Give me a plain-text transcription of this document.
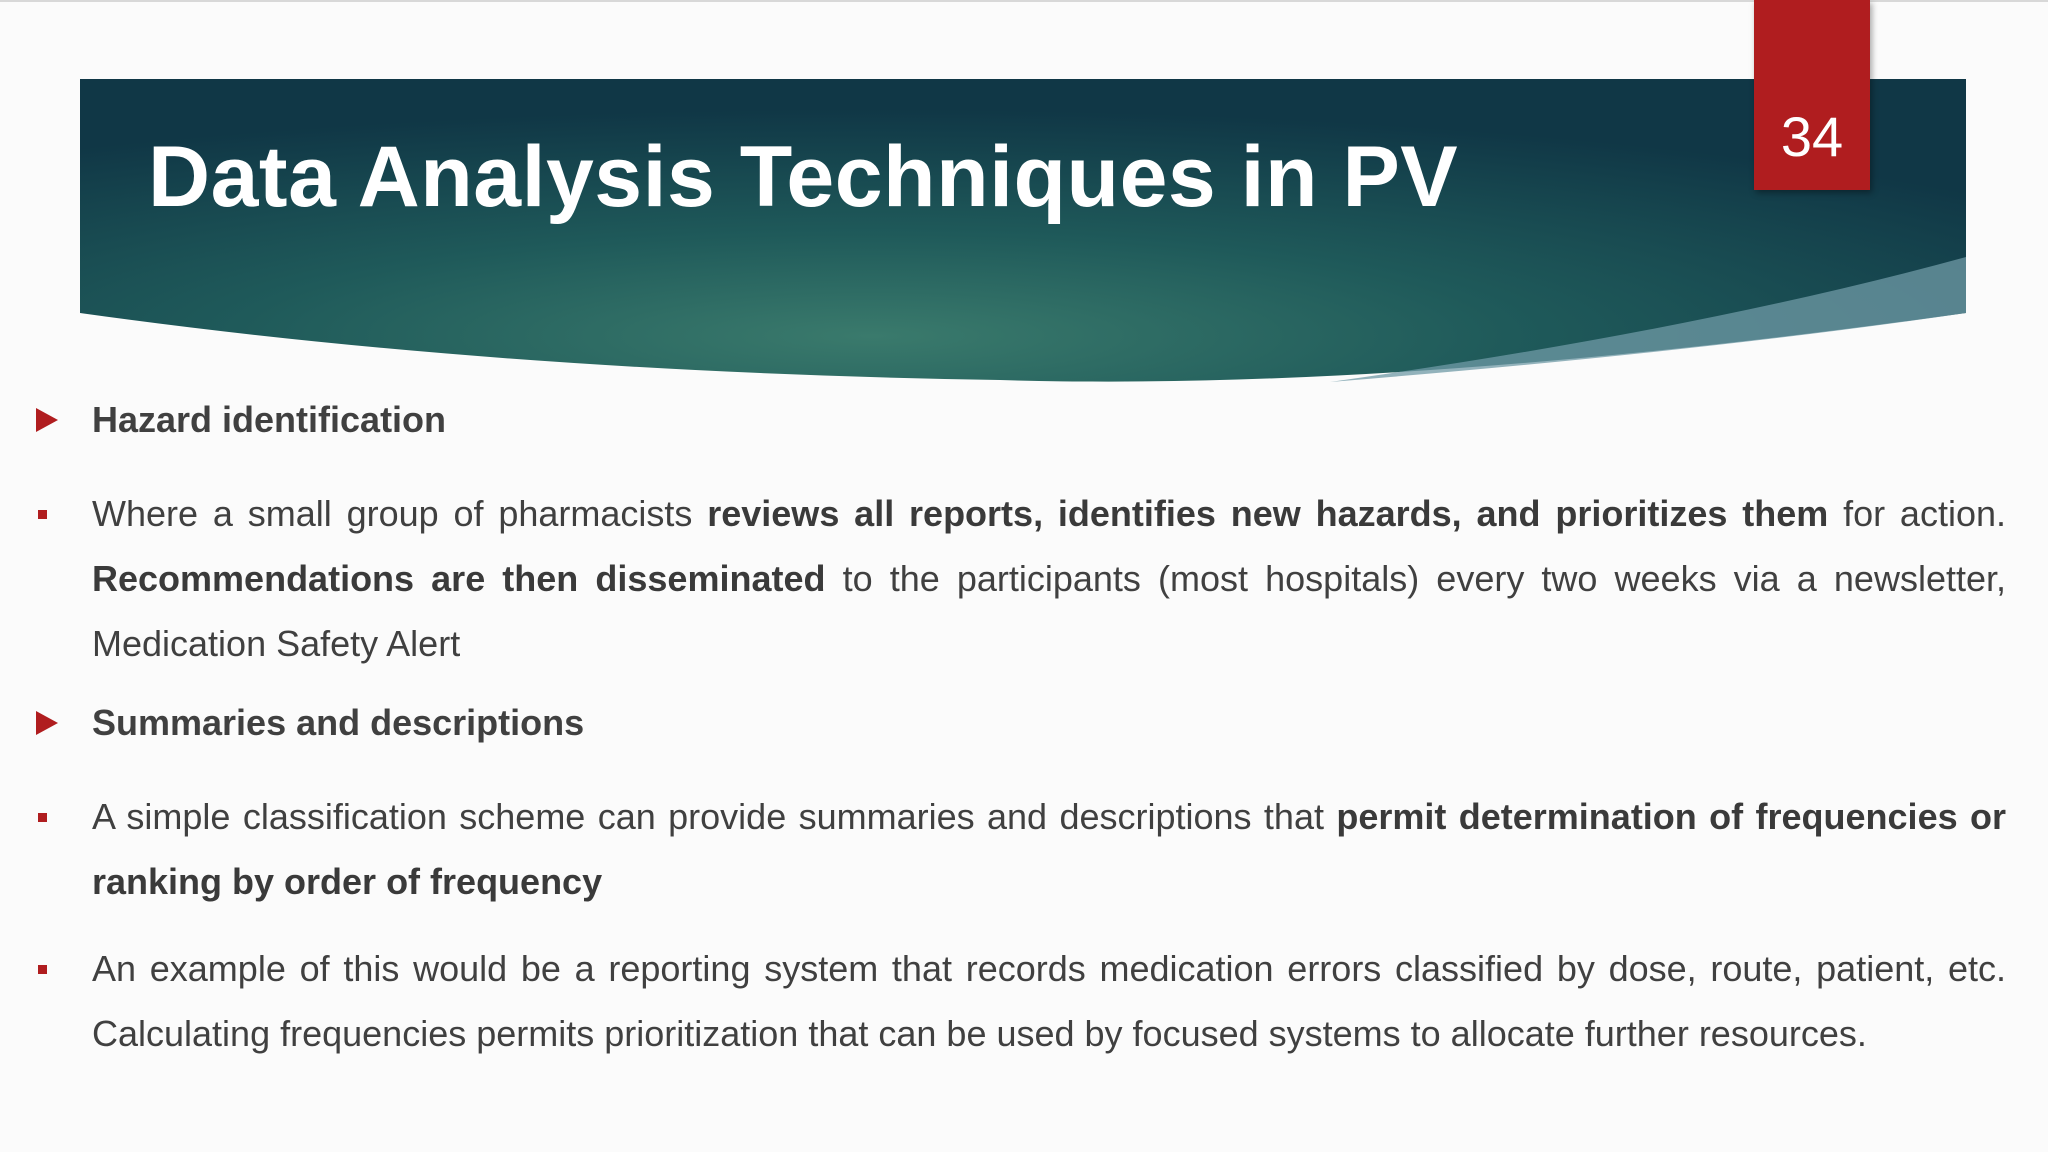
Data Analysis Techniques in PV	34
Hazard identification
Where a small group of pharmacists reviews all reports, identifies new hazards, and prioritizes them for action. Recommendations are then disseminated to the participants (most hospitals) every two weeks via a newsletter, Medication Safety Alert
Summaries and descriptions
A simple classification scheme can provide summaries and descriptions that permit determination of frequencies or ranking by order of frequency
An example of this would be a reporting system that records medication errors classified by dose, route, patient, etc. Calculating frequencies permits prioritization that can be used by focused systems to allocate further resources.
